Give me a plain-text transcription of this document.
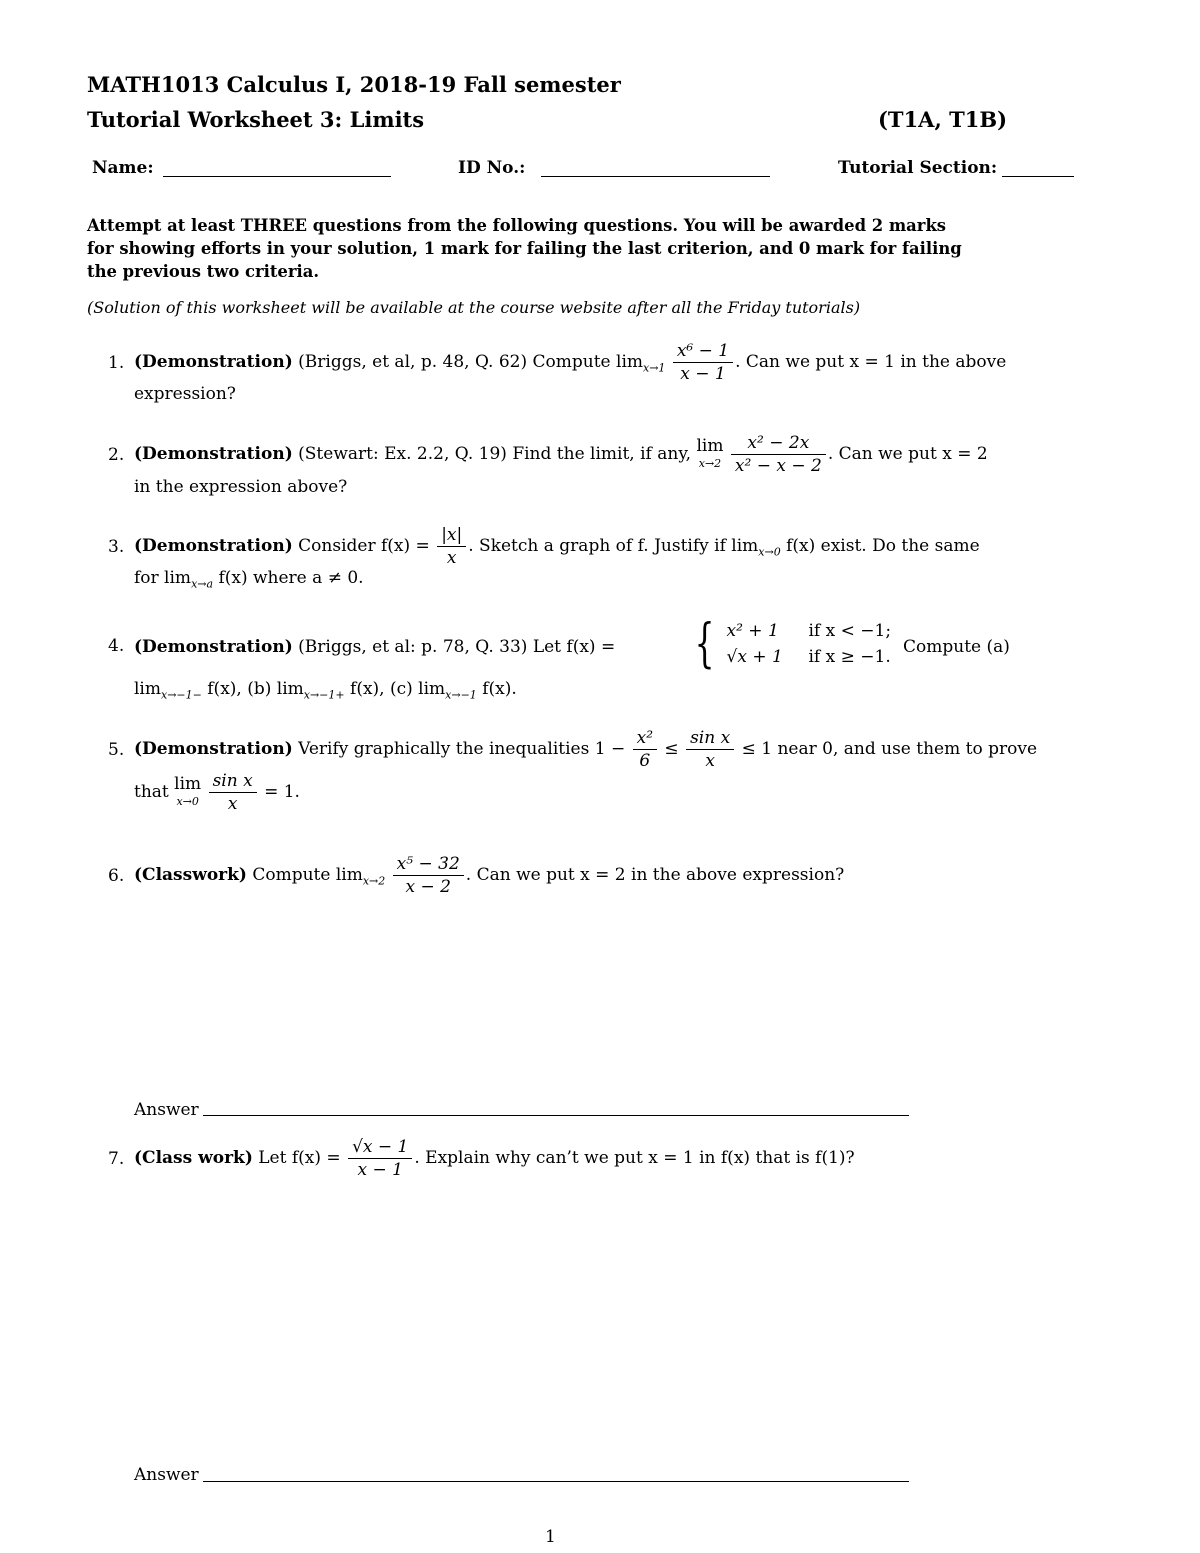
MATH1013 Calculus I, 2018-19 Fall semester
Tutorial Worksheet 3: Limits	(T1A, T1B)
Name:	ID No.:	Tutorial Section:
Attempt at least THREE questions from the following questions. You will be awarded 2 marks
for showing efforts in your solution, 1 mark for failing the last criterion, and 0 mark for failing
the previous two criteria.
(Solution of this worksheet will be available at the course website after all the Friday tutorials)
1. (Demonstration) (Briggs, et al, p. 48, Q. 62) Compute $\lim_{x\to 1} \frac{\text{x⁶ − 1}}{x - 1}$ . Can we put x = 1 in the above
expression?
2. (Demonstration) (Stewart: Ex. 2.2, Q. 19) Find the limit, if any, lim
x→2
$\frac{\text{x² − 2x}}{\text{x² − x − 2}}$ . Can we put x = 2
in the expression above?
3. (Demonstration) Consider $f(x) = \frac{|x|}{x}$ . Sketch a graph of f. Justify if $\lim_{x\to 0} f(x)$ exist. Do the same
for $\lim_{x\to a} f(x)$ where a ≠ 0.
4. (Demonstration) (Briggs, et al: p. 78, Q. 33) Let f(x) = { x² + 1 if x < −1;
√x + 1 if x ≥ −1. Compute (a)
$\lim_{x\to-1-} f(x)$, (b) $\lim_{x\to-1+} f(x)$, (c) $\lim_{x\to-1} f(x)$.
5. (Demonstration) Verify graphically the inequalities $1 - \frac{\text{x²}}{6} \le \frac{\text{sin x}}{x} \le 1$ near 0, and use them to prove
that lim
x→0
$\frac{\text{sin x}}{x} = 1$.
6. (Classwork) Compute $\lim_{x\to 2} \frac{\text{x⁵ − 32}}{x - 2}$ . Can we put x = 2 in the above expression?
Answer
7. (Class work) Let $f(x) = \frac{√x - 1}{x - 1}$ . Explain why can’t we put x = 1 in f(x) that is f(1)?
Answer
1
